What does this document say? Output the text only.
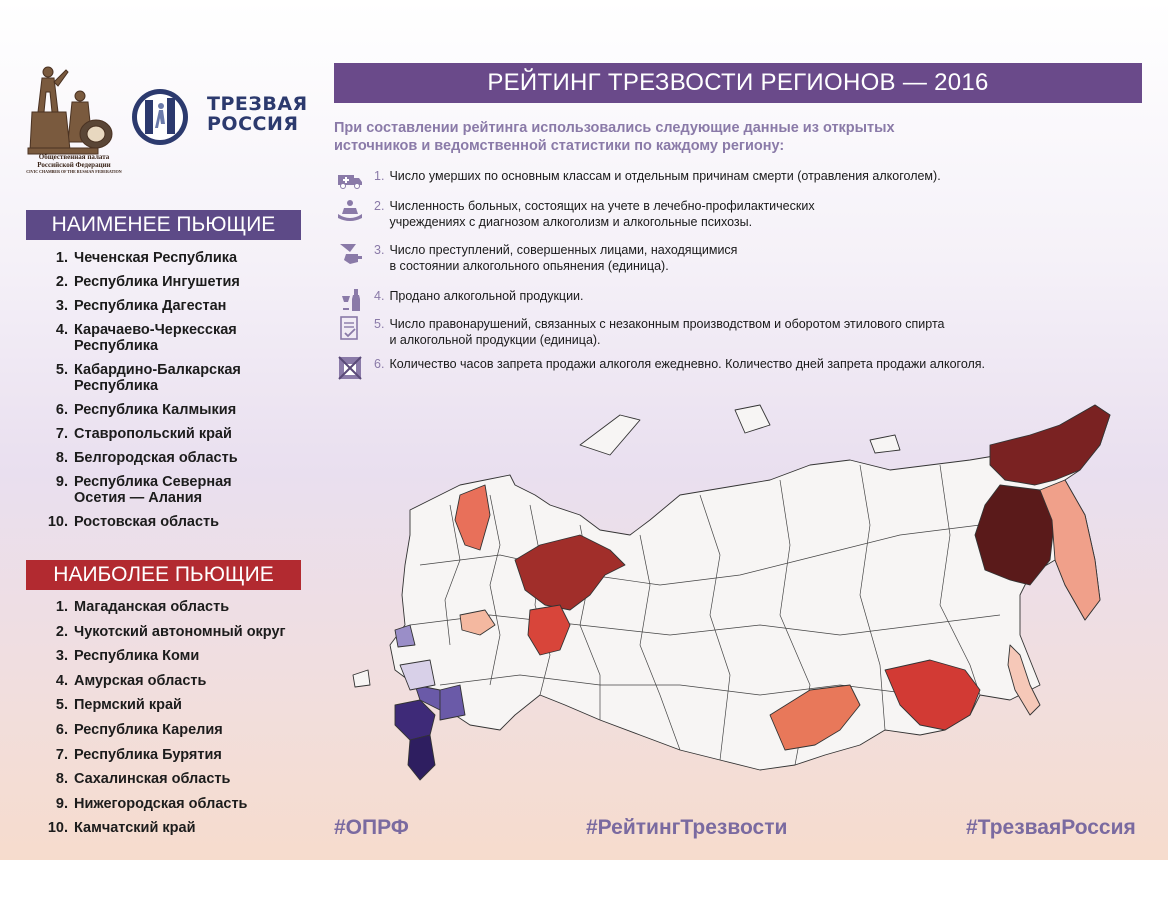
Общественная палата
Российской Федерации
CIVIC CHAMBER OF THE RUSSIAN FEDERATION
ТРЕЗВАЯ
РОССИЯ
РЕЙТИНГ ТРЕЗВОСТИ РЕГИОНОВ — 2016
При составлении рейтинга использовались следующие данные из открытых источников и ведомственной статистики по каждому региону:
1. Число умерших по основным классам и отдельным причинам смерти (отравления алкоголем).
2. Численность больных, состоящих на учете в лечебно-профилактических
учреждениях с диагнозом алкоголизм и алкогольные психозы.
3. Число преступлений, совершенных лицами, находящимися
в состоянии алкогольного опьянения (единица).
4. Продано алкогольной продукции.
5. Число правонарушений, связанных с незаконным производством и оборотом этилового спирта
и алкогольной продукции (единица).
6. Количество часов запрета продажи алкоголя ежедневно. Количество дней запрета продажи алкоголя.
НАИМЕНЕЕ ПЬЮЩИЕ
1. Чеченская Республика
2. Республика Ингушетия
3. Республика Дагестан
4. Карачаево-Черкесская Республика
5. Кабардино-Балкарская Республика
6. Республика Калмыкия
7. Ставропольский край
8. Белгородская область
9. Республика Северная Осетия — Алания
10. Ростовская область
НАИБОЛЕЕ ПЬЮЩИЕ
1. Магаданская область
2. Чукотский автономный округ
3. Республика Коми
4. Амурская область
5. Пермский край
6. Республика Карелия
7. Республика Бурятия
8. Сахалинская область
9. Нижегородская область
10. Камчатский край	#ОПРФ	#РейтингТрезвости	#ТрезваяРоссия
